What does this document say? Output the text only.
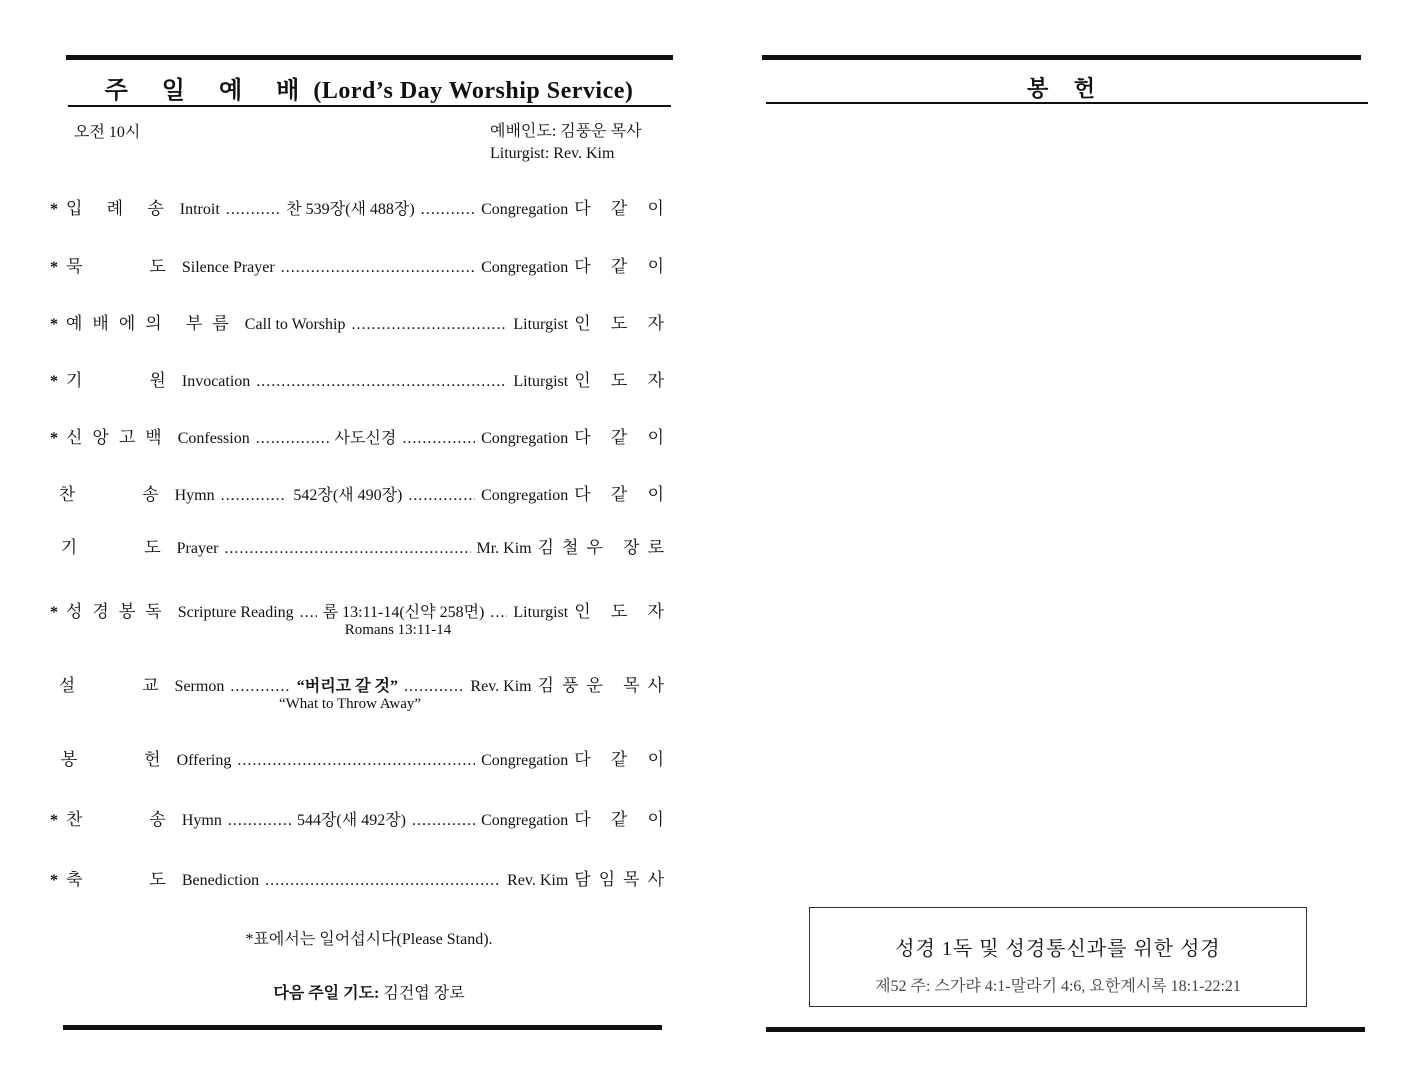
주 일 예 배(Lord’s Day Worship Service)
오전 10시	예배인도: 김풍운 목사
Liturgist: Rev. Kim
* 입 례 송 Introit .....	찬 539장(새 488장) .....	Congregation 다 같 이
* 묵    도 Silence Prayer .....	Congregation 다 같 이
* 예배에의 부름 Call to Worship .....	Liturgist 인 도 자
* 기    원 Invocation .....	Liturgist 인 도 자
* 신앙고백 Confession .....	사도신경 .....	Congregation 다 같 이
찬    송 Hymn .....	542장(새 490장) .....	Congregation 다 같 이
기    도 Prayer .....	Mr. Kim 김철우 장로
* 성경봉독 Scripture Reading ..... 롬 13:11-14(신약 258면) ..... Liturgist 인 도 자
설    교 Sermon .....	“버리고 갈 것” .....	Rev. Kim 김풍운 목사
봉    헌 Offering .....	Congregation 다 같 이
* 찬    송 Hymn .....	544장(새 492장) .....	Congregation 다 같 이
* 축    도 Benediction .....	Rev. Kim 담임목사
Romans 13:11-14
“What to Throw Away”
*표에서는 일어섭시다(Please Stand).
다음 주일 기도: 김건엽 장로
봉 헌
성경 1독 및 성경통신과를 위한 성경
제52 주: 스가랴 4:1-말라기 4:6, 요한계시록 18:1-22:21
